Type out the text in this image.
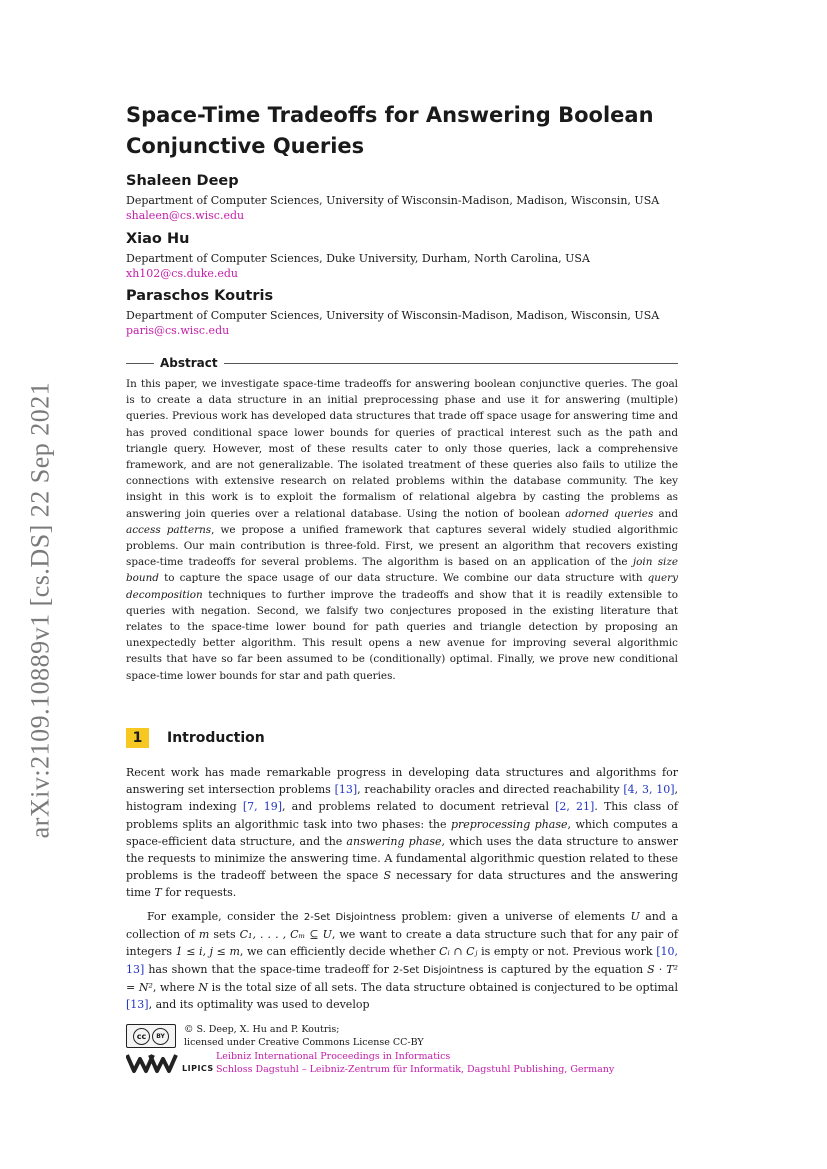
arXiv:2109.10889v1 [cs.DS] 22 Sep 2021
Space-Time Tradeoffs for Answering Boolean
Conjunctive Queries
Shaleen Deep
Department of Computer Sciences, University of Wisconsin-Madison, Madison, Wisconsin, USA
shaleen@cs.wisc.edu
Xiao Hu
Department of Computer Sciences, Duke University, Durham, North Carolina, USA
xh102@cs.duke.edu
Paraschos Koutris
Department of Computer Sciences, University of Wisconsin-Madison, Madison, Wisconsin, USA
paris@cs.wisc.edu
Abstract

In this paper, we investigate space-time tradeoffs for answering boolean conjunctive queries. The goal is to create a data structure in an initial preprocessing phase and use it for answering (multiple) queries. Previous work has developed data structures that trade off space usage for answering time and has proved conditional space lower bounds for queries of practical interest such as the path and triangle query. However, most of these results cater to only those queries, lack a comprehensive framework, and are not generalizable. The isolated treatment of these queries also fails to utilize the connections with extensive research on related problems within the database community. The key insight in this work is to exploit the formalism of relational algebra by casting the problems as answering join queries over a relational database. Using the notion of boolean adorned queries and access patterns, we propose a unified framework that captures several widely studied algorithmic problems. Our main contribution is three-fold. First, we present an algorithm that recovers existing space-time tradeoffs for several problems. The algorithm is based on an application of the join size bound to capture the space usage of our data structure. We combine our data structure with query decomposition techniques to further improve the tradeoffs and show that it is readily extensible to queries with negation. Second, we falsify two conjectures proposed in the existing literature that relates to the space-time lower bound for path queries and triangle detection by proposing an unexpectedly better algorithm. This result opens a new avenue for improving several algorithmic results that have so far been assumed to be (conditionally) optimal. Finally, we prove new conditional space-time lower bounds for star and path queries.

1	Introduction

Recent work has made remarkable progress in developing data structures and algorithms for answering set intersection problems [13], reachability oracles and directed reachability [4, 3, 10], histogram indexing [7, 19], and problems related to document retrieval [2, 21]. This class of problems splits an algorithmic task into two phases: the preprocessing phase, which computes a space-efficient data structure, and the answering phase, which uses the data structure to answer the requests to minimize the answering time. A fundamental algorithmic question related to these problems is the tradeoff between the space S necessary for data structures and the answering time T for requests.

For example, consider the 2-Set Disjointness problem: given a universe of elements U and a collection of m sets C₁, . . . , Cₘ ⊆ U, we want to create a data structure such that for any pair of integers 1 ≤ i, j ≤ m, we can efficiently decide whether Cᵢ ∩ Cⱼ is empty or not. Previous work [10, 13] has shown that the space-time tradeoff for 2-Set Disjointness is captured by the equation S · T² = N², where N is the total size of all sets. The data structure obtained is conjectured to be optimal [13], and its optimality was used to develop

cc	BY
© S. Deep, X. Hu and P. Koutris;
licensed under Creative Commons License CC-BY
LIPICS
Leibniz International Proceedings in Informatics
Schloss Dagstuhl – Leibniz-Zentrum für Informatik, Dagstuhl Publishing, Germany
